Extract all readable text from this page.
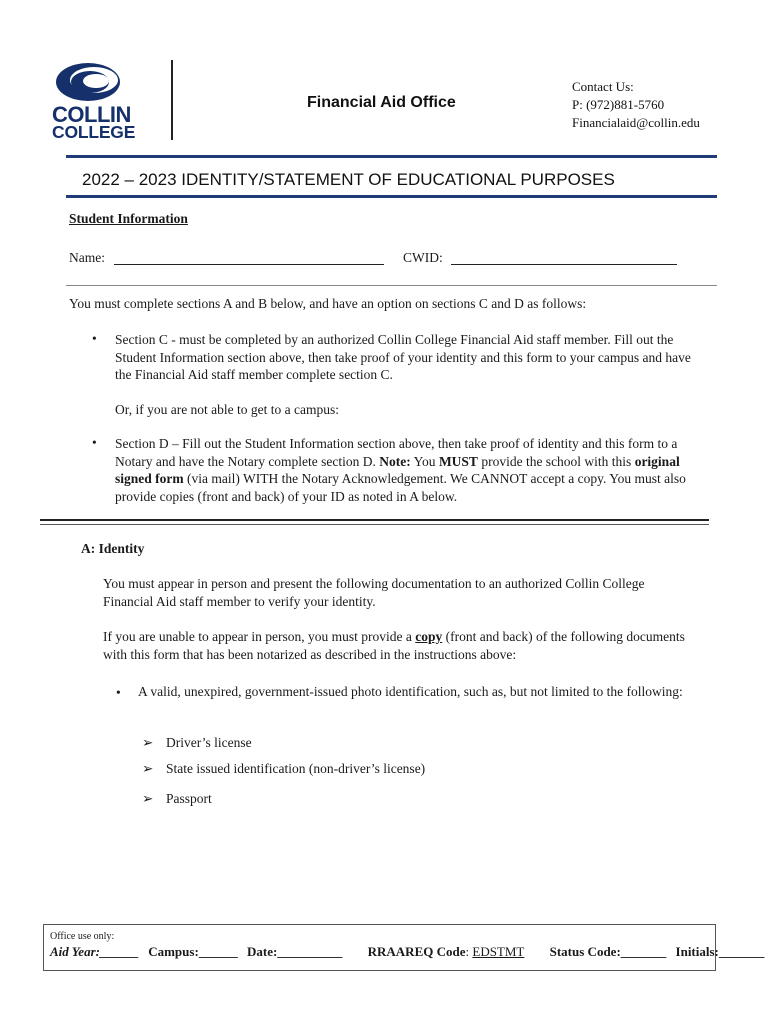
COLLIN
COLLEGE
Financial Aid Office
Contact Us:
P: (972)881-5760
Financialaid@collin.edu
2022 – 2023 IDENTITY/STATEMENT OF EDUCATIONAL PURPOSES
Student Information
Name:	CWID:
You must complete sections A and B below, and have an option on sections C and D as follows:
• Section C - must be completed by an authorized Collin College Financial Aid staff member. Fill out the Student Information section above, then take proof of your identity and this form to your campus and have the Financial Aid staff member complete section C.
Or, if you are not able to get to a campus:
• Section D – Fill out the Student Information section above, then take proof of identity and this form to a Notary and have the Notary complete section D. Note: You MUST provide the school with this original signed form (via mail) WITH the Notary Acknowledgement. We CANNOT accept a copy. You must also provide copies (front and back) of your ID as noted in A below.
A: Identity
You must appear in person and present the following documentation to an authorized Collin College Financial Aid staff member to verify your identity.
If you are unable to appear in person, you must provide a copy (front and back) of the following documents with this form that has been notarized as described in the instructions above:
• A valid, unexpired, government-issued photo identification, such as, but not limited to the following:
➢ Driver’s license
➢ State issued identification (non-driver’s license)
➢ Passport
Office use only:
Aid Year:______ Campus:______ Date:__________ RRAAREQ Code: EDSTMT Status Code:_______ Initials:_______
